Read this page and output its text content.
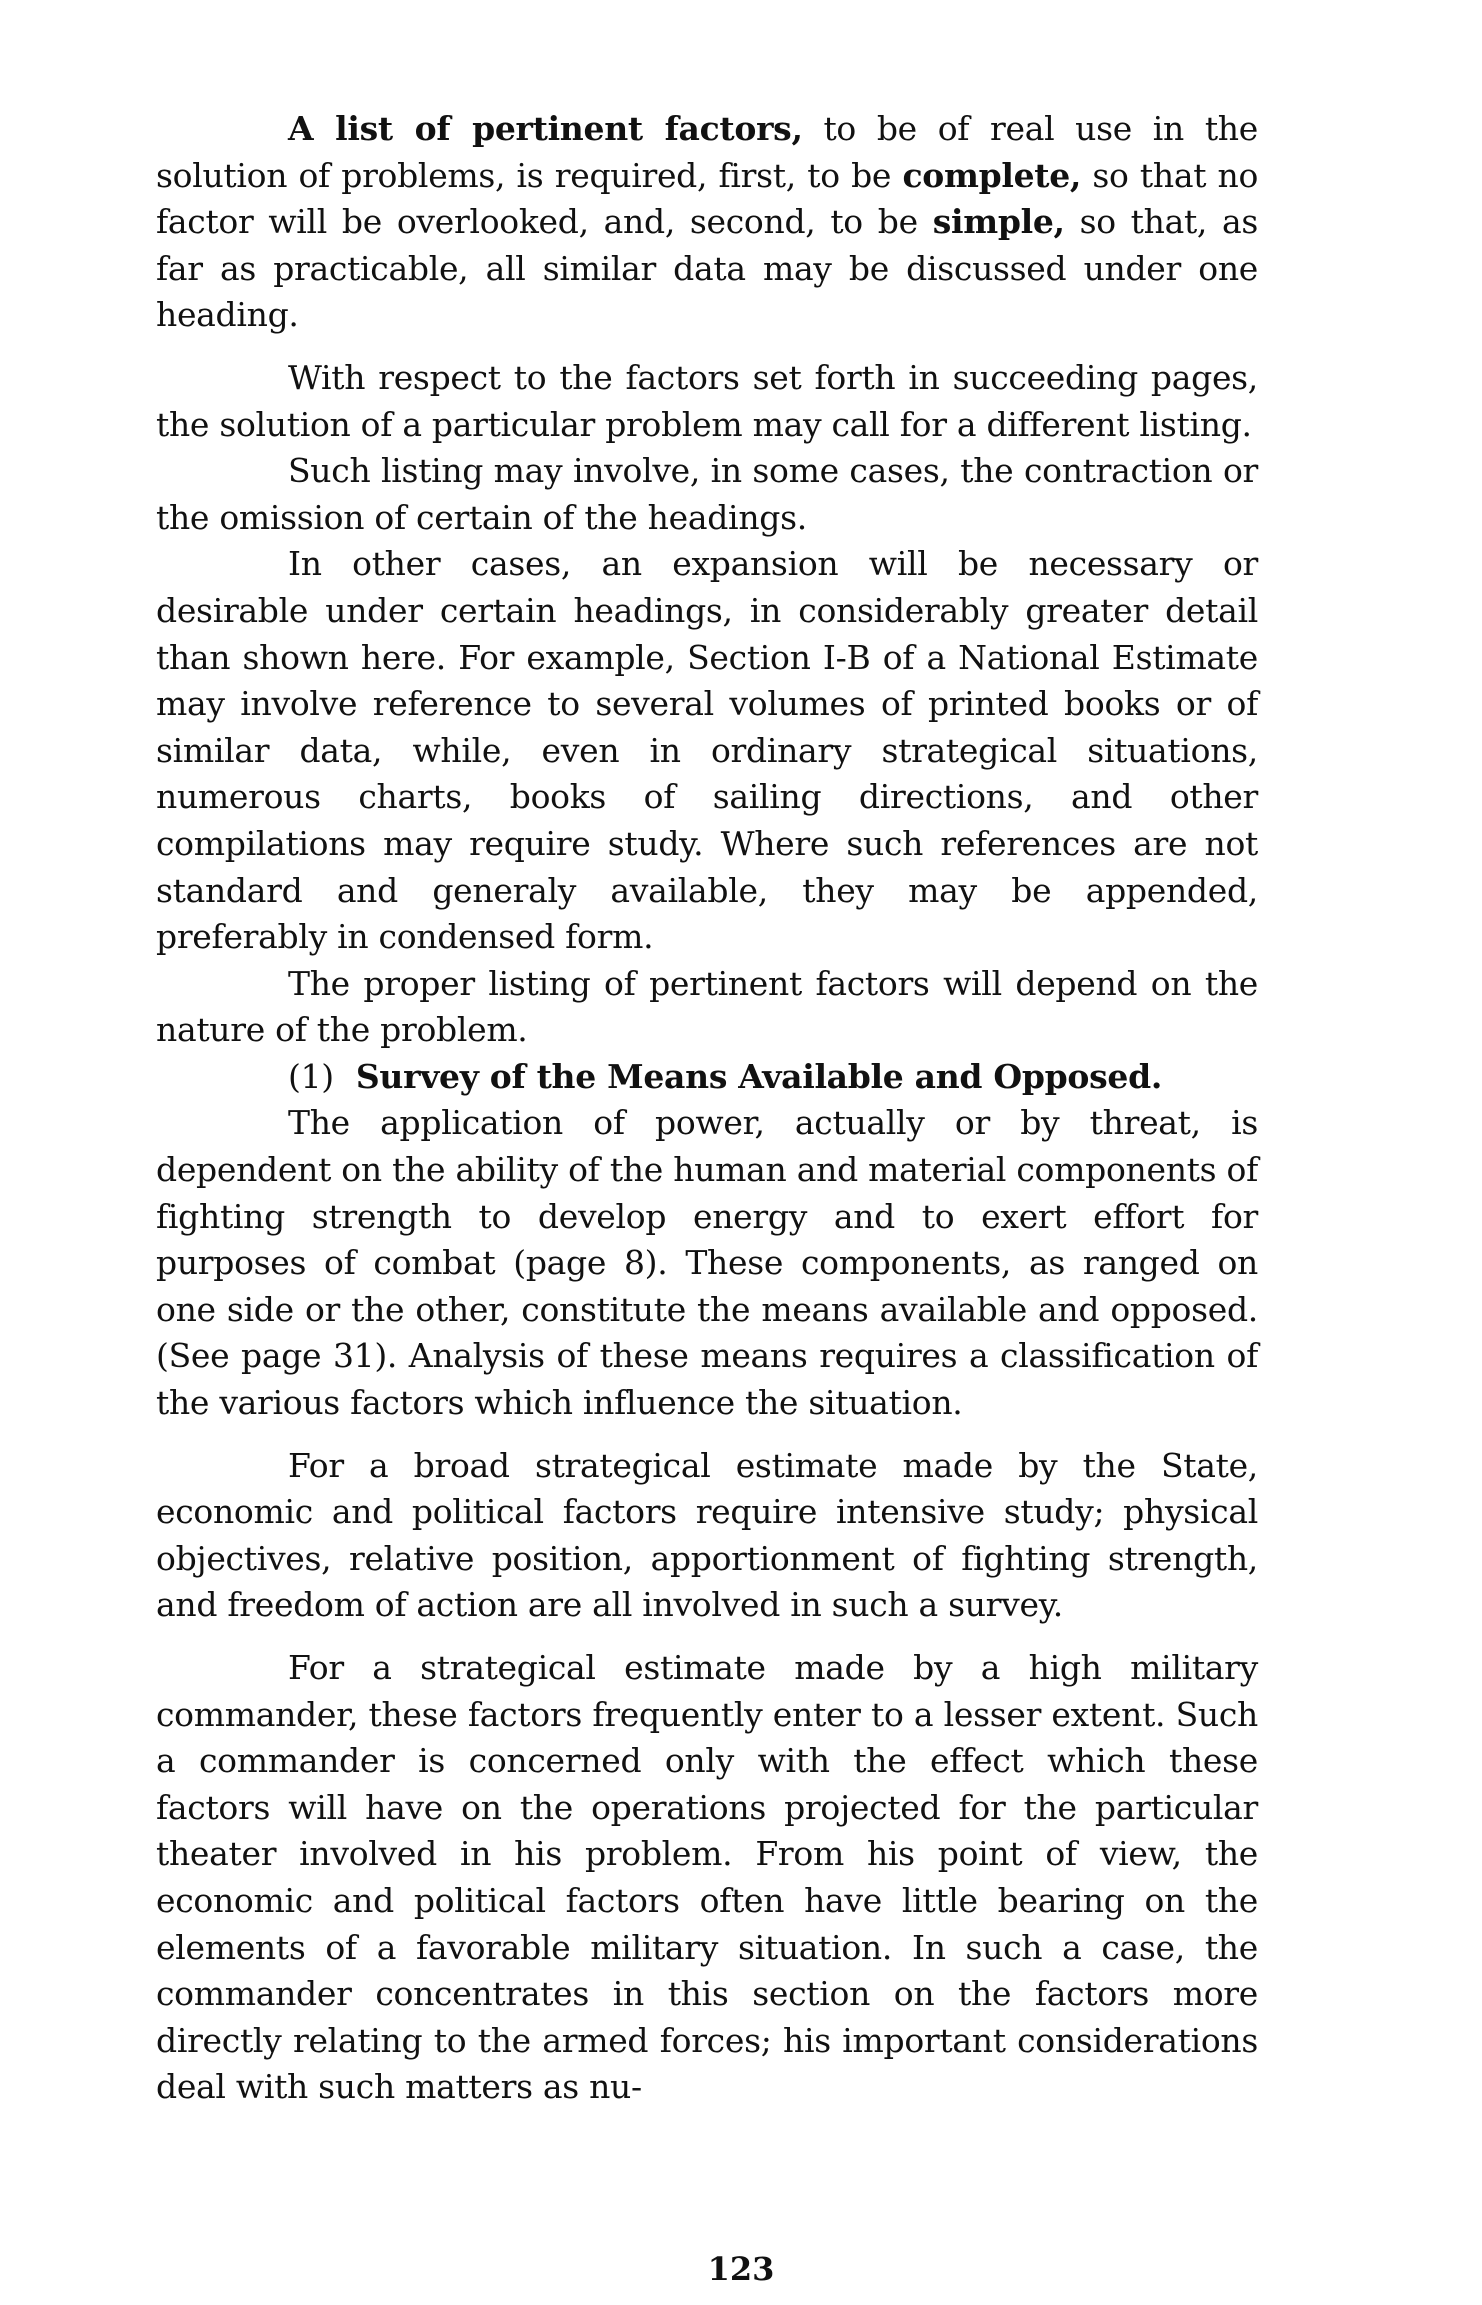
A list of pertinent factors, to be of real use in the solution of problems, is required, first, to be complete, so that no factor will be overlooked, and, second, to be simple, so that, as far as practicable, all similar data may be discussed under one heading.

With respect to the factors set forth in succeeding pages, the solution of a particular problem may call for a different listing.

Such listing may involve, in some cases, the contraction or the omission of certain of the headings.

In other cases, an expansion will be necessary or desirable under certain headings, in considerably greater detail than shown here. For example, Section I-B of a National Estimate may involve reference to several volumes of printed books or of similar data, while, even in ordinary strategical situations, numerous charts, books of sailing directions, and other compilations may require study. Where such references are not standard and generaly available, they may be appended, preferably in condensed form.

The proper listing of pertinent factors will depend on the nature of the problem.

(1) Survey of the Means Available and Opposed.

The application of power, actually or by threat, is dependent on the ability of the human and material components of fighting strength to develop energy and to exert effort for purposes of combat (page 8). These components, as ranged on one side or the other, constitute the means available and opposed. (See page 31). Analysis of these means requires a classification of the various factors which influence the situation.

For a broad strategical estimate made by the State, economic and political factors require intensive study; physical objectives, relative position, apportionment of fighting strength, and freedom of action are all involved in such a survey.

For a strategical estimate made by a high military commander, these factors frequently enter to a lesser extent. Such a commander is concerned only with the effect which these factors will have on the operations projected for the particular theater involved in his problem. From his point of view, the economic and political factors often have little bearing on the elements of a favorable military situation. In such a case, the commander concentrates in this section on the factors more directly relating to the armed forces; his important considerations deal with such matters as nu-

123
